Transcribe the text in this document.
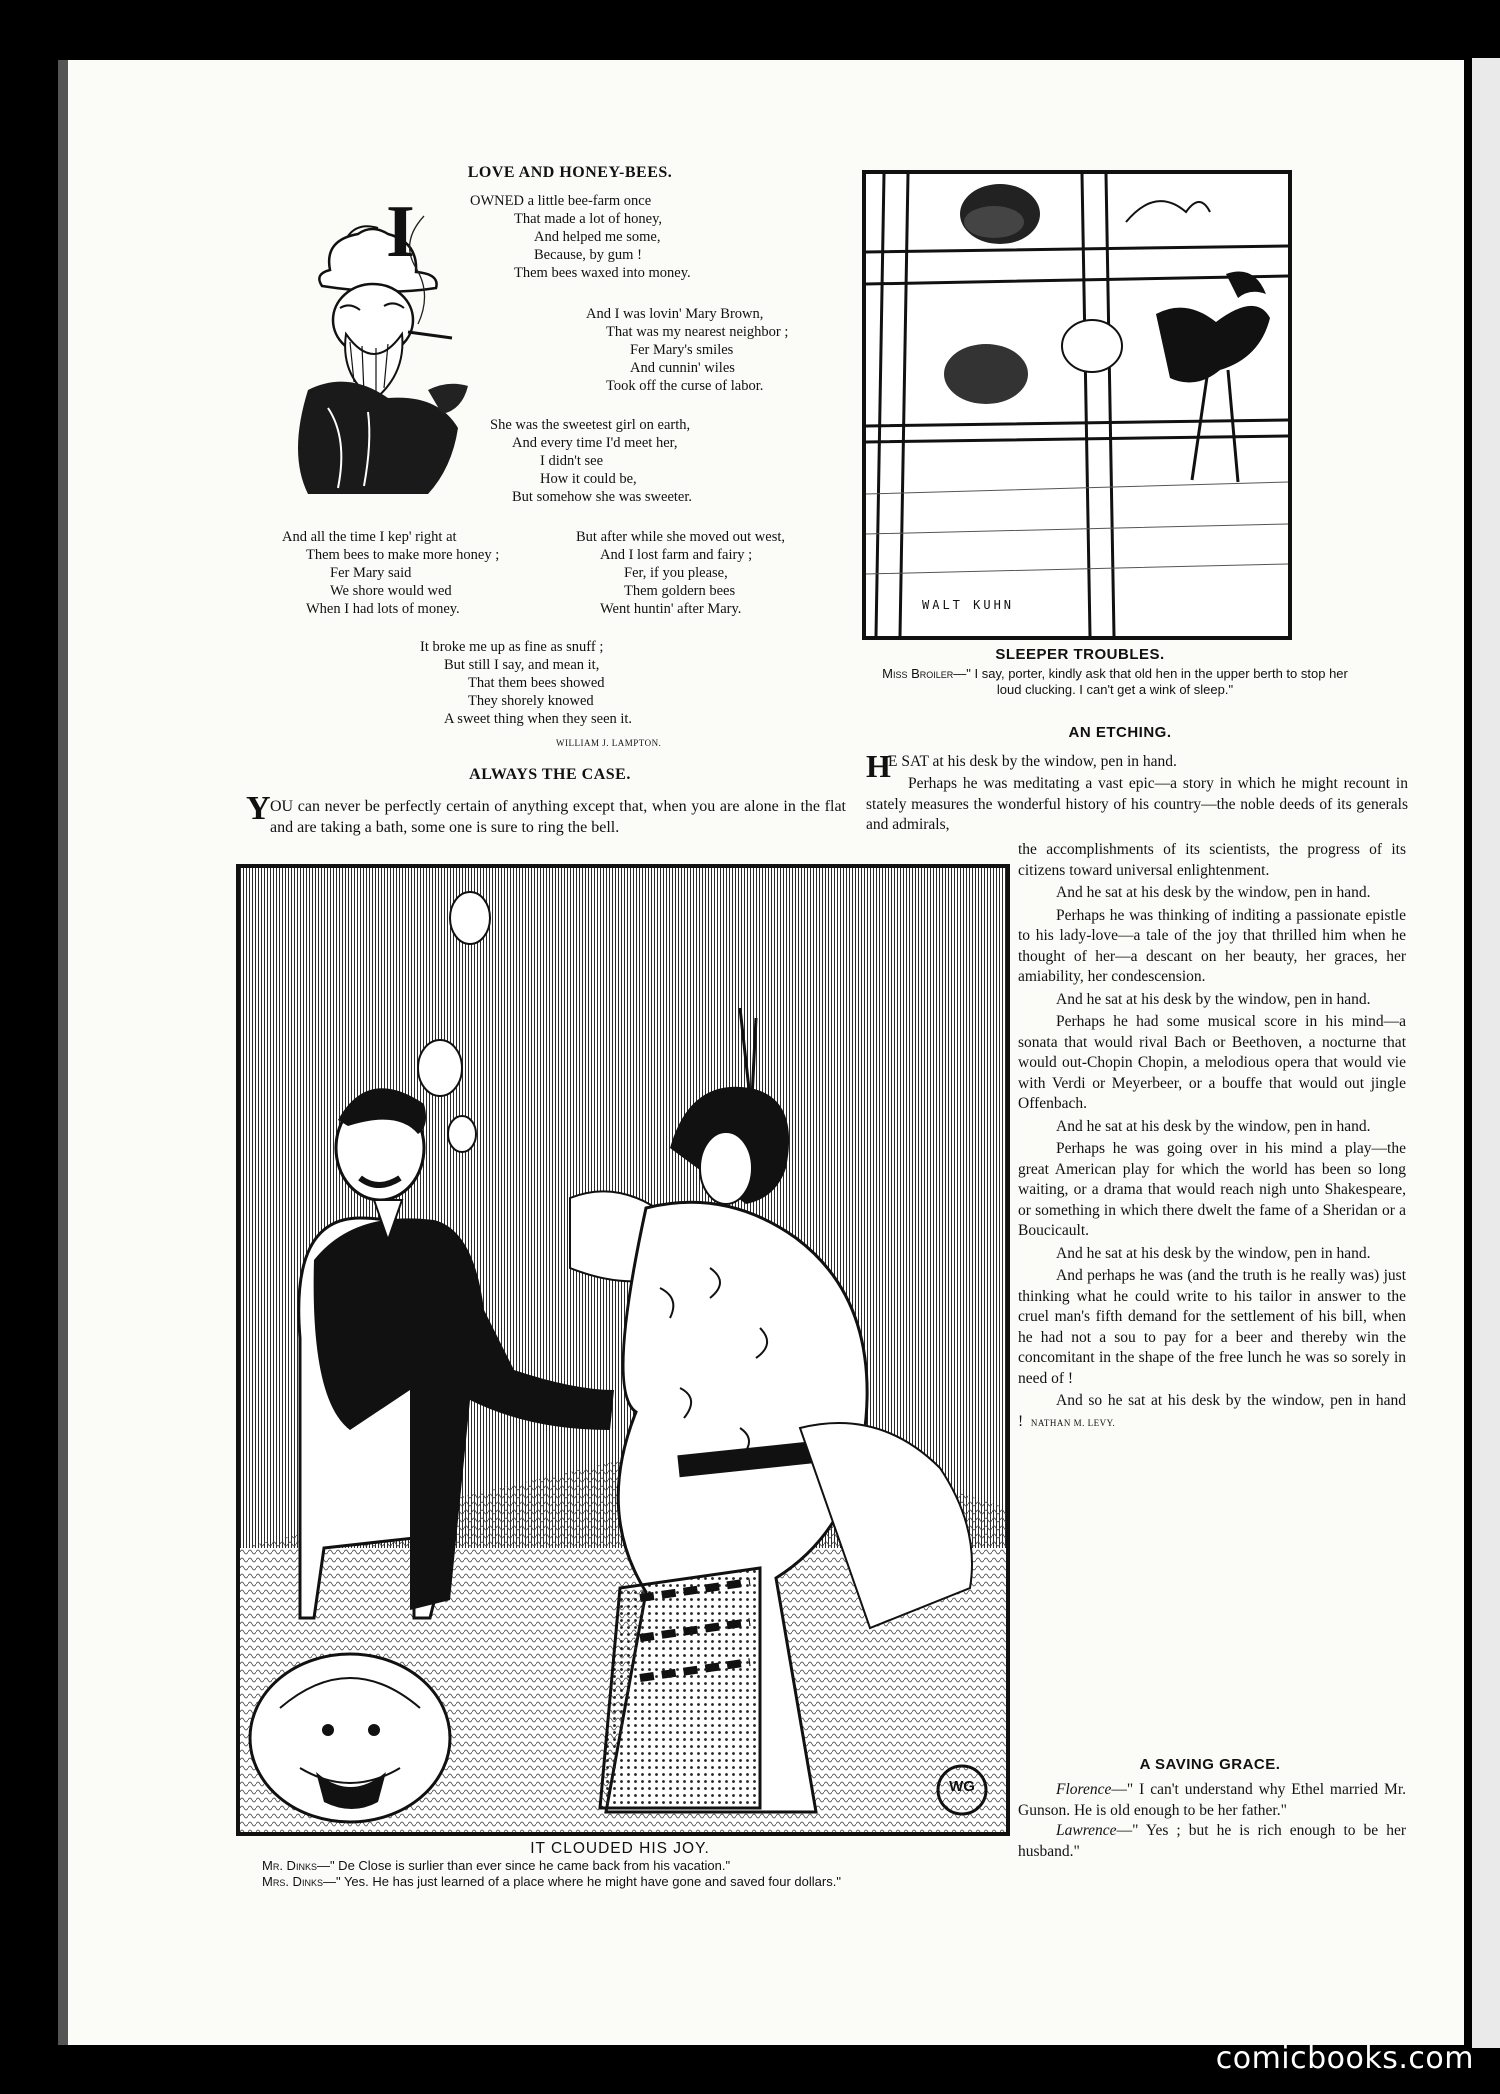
LOVE AND HONEY-BEES.
I	OWNED a little bee-farm once
That made a lot of honey,
And helped me some,
Because, by gum !
Them bees waxed into money.
And I was lovin' Mary Brown,
That was my nearest neighbor ;
Fer Mary's smiles
And cunnin' wiles
Took off the curse of labor.
She was the sweetest girl on earth,
And every time I'd meet her,
I didn't see
How it could be,
But somehow she was sweeter.
And all the time I kep' right at
Them bees to make more honey ;
Fer Mary said
We shore would wed
When I had lots of money.
But after while she moved out west,
And I lost farm and fairy ;
Fer, if you please,
Them goldern bees
Went huntin' after Mary.
It broke me up as fine as snuff ;
But still I say, and mean it,
That them bees showed
They shorely knowed
A sweet thing when they seen it.
WILLIAM J. LAMPTON.
ALWAYS THE CASE.
Y OU can never be perfectly certain of anything except that, when you are alone in the flat and are taking a bath, some one is sure to ring the bell.

WALT KUHN
SLEEPER TROUBLES.
Miss Broiler—" I say, porter, kindly ask that old hen in the upper berth to stop her loud clucking. I can't get a wink of sleep."
AN ETCHING.
H

E SAT at his desk by the window, pen in hand.

Perhaps he was meditating a vast epic—a story in which he might recount in stately measures the wonderful history of his country—the noble deeds of its generals and admirals,

the accomplishments of its scientists, the progress of its citizens toward universal enlightenment.

And he sat at his desk by the window, pen in hand.

Perhaps he was thinking of inditing a passionate epistle to his lady-love—a tale of the joy that thrilled him when he thought of her—a descant on her beauty, her graces, her amiability, her condescension.

And he sat at his desk by the window, pen in hand.

Perhaps he had some musical score in his mind—a sonata that would rival Bach or Beethoven, a nocturne that would out-Chopin Chopin, a melodious opera that would vie with Verdi or Meyerbeer, or a bouffe that would out jingle Offenbach.

And he sat at his desk by the window, pen in hand.

Perhaps he was going over in his mind a play—the great American play for which the world has been so long waiting, or a drama that would reach nigh unto Shakespeare, or something in which there dwelt the fame of a Sheridan or a Boucicault.

And he sat at his desk by the window, pen in hand.

And perhaps he was (and the truth is he really was) just thinking what he could write to his tailor in answer to the cruel man's fifth demand for the settlement of his bill, when he had not a sou to pay for a beer and thereby win the concomitant in the shape of the free lunch he was so sorely in need of !

And so he sat at his desk by the window, pen in hand ! NATHAN M. LEVY.

A SAVING GRACE.

Florence—" I can't understand why Ethel married Mr. Gunson. He is old enough to be her father."

Lawrence—" Yes ; but he is rich enough to be her husband."

WG
IT CLOUDED HIS JOY.
Mr. Dinks—" De Close is surlier than ever since he came back from his vacation."
Mrs. Dinks—" Yes. He has just learned of a place where he might have gone and saved four dollars."
comicbooks.com
